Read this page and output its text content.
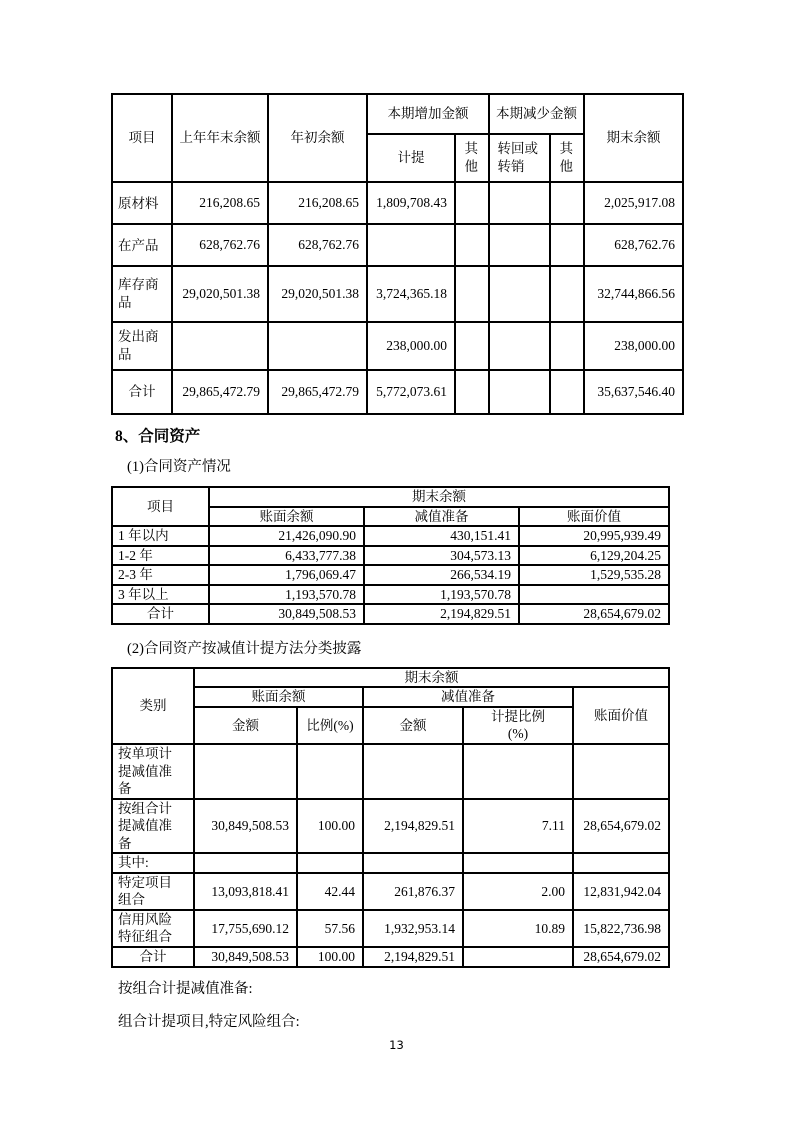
项目	上年年末余额	年初余额	本期增加金额		本期减少金额		期末余额
			计提	其他	转回或转销	其他	
原材料	216,208.65	216,208.65	1,809,708.43				2,025,917.08
在产品	628,762.76	628,762.76					628,762.76
库存商品	29,020,501.38	29,020,501.38	3,724,365.18				32,744,866.56
发出商品			238,000.00				238,000.00
合计	29,865,472.79	29,865,472.79	5,772,073.61				35,637,546.40
8、合同资产
(1)合同资产情况
项目	期末余额		
	账面余额	减值准备	账面价值
1 年以内	21,426,090.90	430,151.41	20,995,939.49
1-2 年	6,433,777.38	304,573.13	6,129,204.25
2-3 年	1,796,069.47	266,534.19	1,529,535.28
3 年以上	1,193,570.78	1,193,570.78	
合计	30,849,508.53	2,194,829.51	28,654,679.02
(2)合同资产按减值计提方法分类披露
类别	期末余额				
	账面余额		减值准备		账面价值
	金额	比例(%)	金额	计提比例(%)	
按单项计提减值准备					
按组合计提减值准备	30,849,508.53	100.00	2,194,829.51	7.11	28,654,679.02
其中:					
特定项目组合	13,093,818.41	42.44	261,876.37	2.00	12,831,942.04
信用风险特征组合	17,755,690.12	57.56	1,932,953.14	10.89	15,822,736.98
合计	30,849,508.53	100.00	2,194,829.51		28,654,679.02
按组合计提减值准备:
组合计提项目,特定风险组合:
13
